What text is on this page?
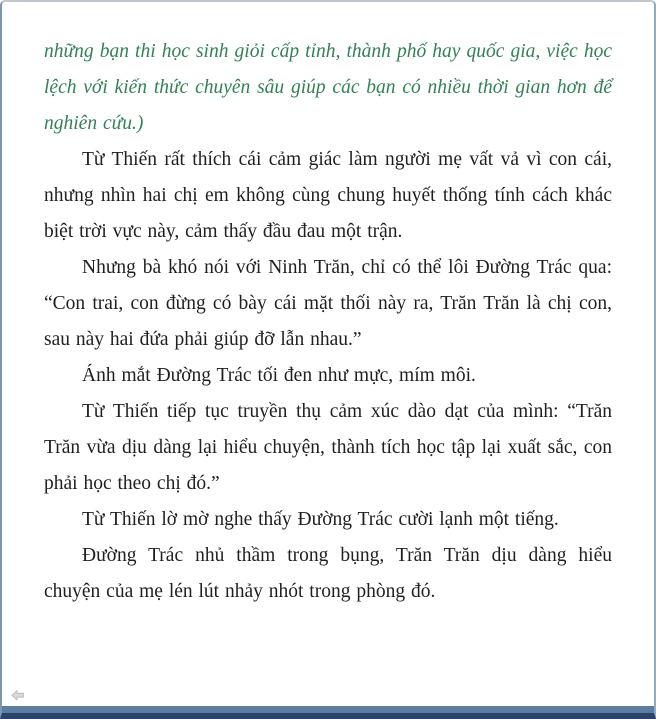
những bạn thi học sinh giỏi cấp tỉnh, thành phố hay quốc gia, việc học lệch với kiến thức chuyên sâu giúp các bạn có nhiều thời gian hơn để nghiên cứu.)

Từ Thiến rất thích cái cảm giác làm người mẹ vất vả vì con cái, nhưng nhìn hai chị em không cùng chung huyết thống tính cách khác biệt trời vực này, cảm thấy đầu đau một trận.

Nhưng bà khó nói với Ninh Trăn, chỉ có thể lôi Đường Trác qua: “Con trai, con đừng có bày cái mặt thối này ra, Trăn Trăn là chị con, sau này hai đứa phải giúp đỡ lẫn nhau.”

Ánh mắt Đường Trác tối đen như mực, mím môi.

Từ Thiến tiếp tục truyền thụ cảm xúc dào dạt của mình: “Trăn Trăn vừa dịu dàng lại hiểu chuyện, thành tích học tập lại xuất sắc, con phải học theo chị đó.”

Từ Thiến lờ mờ nghe thấy Đường Trác cười lạnh một tiếng.

Đường Trác nhủ thầm trong bụng, Trăn Trăn dịu dàng hiểu chuyện của mẹ lén lút nhảy nhót trong phòng đó.
